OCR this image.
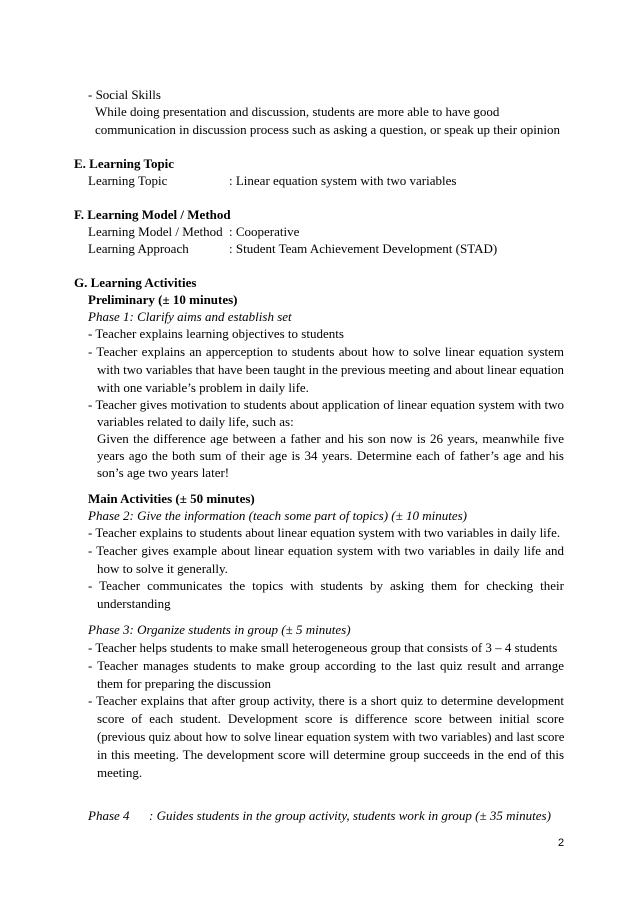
- Social Skills
While doing presentation and discussion, students are more able to have good
communication in discussion process such as asking a question, or speak up their opinion
E. Learning Topic
Learning Topic	: Linear equation system with two variables
F. Learning Model / Method
Learning Model / Method : Cooperative
Learning Approach	: Student Team Achievement Development (STAD)
G. Learning Activities
Preliminary (± 10 minutes)
Phase 1: Clarify aims and establish set
- Teacher explains learning objectives to students
- Teacher explains an apperception to students about how to solve linear equation system
with two variables that have been taught in the previous meeting and about linear equation
with one variable’s problem in daily life.
- Teacher gives motivation to students about application of linear equation system with two
variables related to daily life, such as:
Given the difference age between a father and his son now is 26 years, meanwhile five
years ago the both sum of their age is 34 years. Determine each of father’s age and his
son’s age two years later!
Main Activities (± 50 minutes)
Phase 2: Give the information (teach some part of topics) (± 10 minutes)
- Teacher explains to students about linear equation system with two variables in daily life.
- Teacher gives example about linear equation system with two variables in daily life and
how to solve it generally.
- Teacher communicates the topics with students by asking them for checking their
understanding
Phase 3: Organize students in group (± 5 minutes)
- Teacher helps students to make small heterogeneous group that consists of 3 – 4 students
- Teacher manages students to make group according to the last quiz result and arrange
them for preparing the discussion
- Teacher explains that after group activity, there is a short quiz to determine development
score of each student. Development score is difference score between initial score
(previous quiz about how to solve linear equation system with two variables) and last score
in this meeting. The development score will determine group succeeds in the end of this
meeting.
Phase 4 : Guides students in the group activity, students work in group (± 35 minutes)
2
